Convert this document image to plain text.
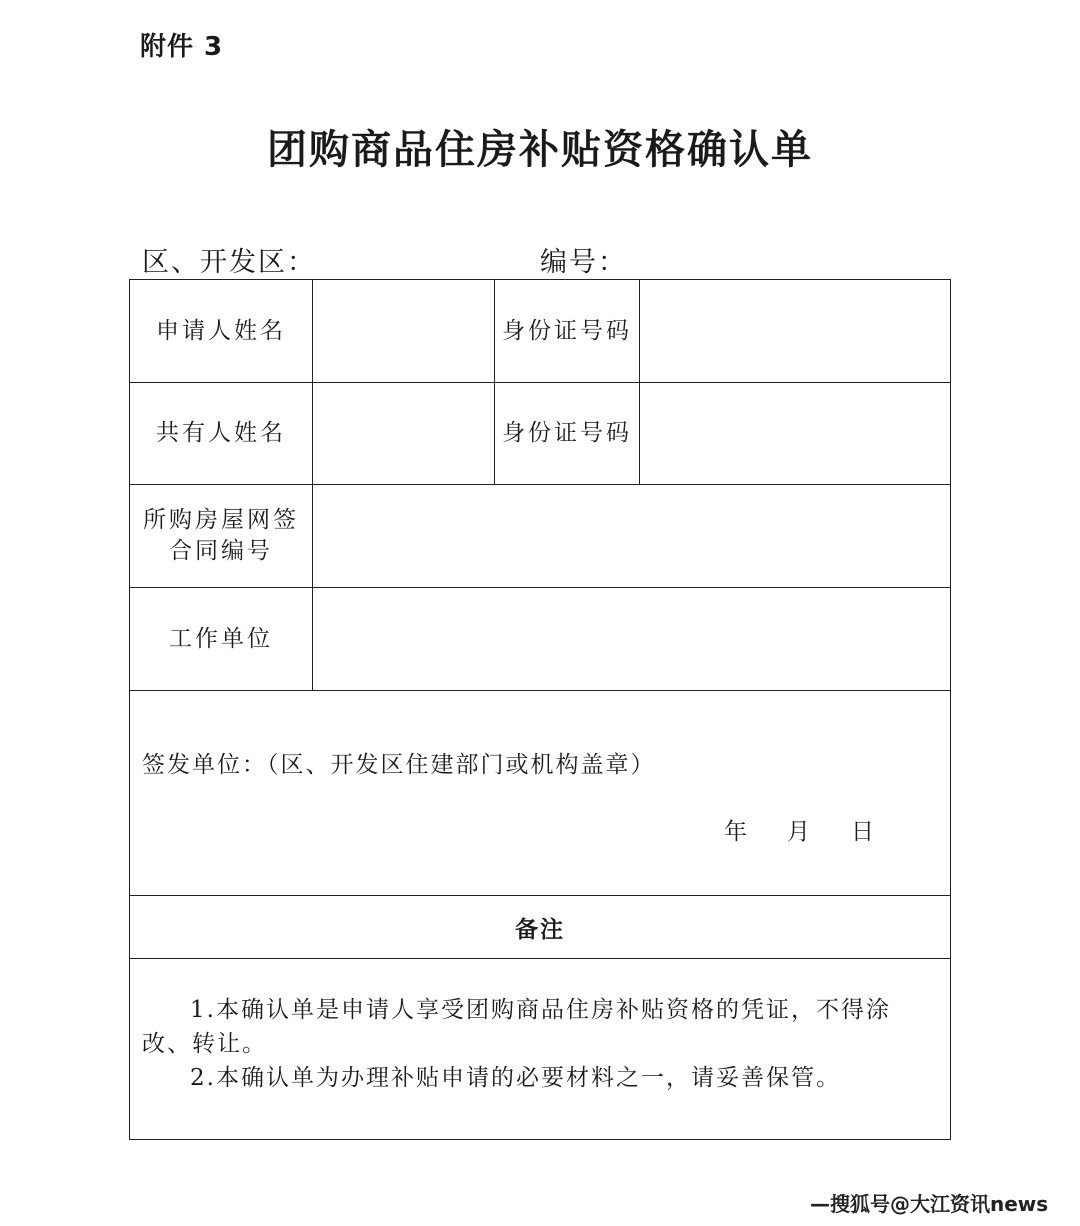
附件 3
团购商品住房补贴资格确认单
区、开发区：	编号：
申请人姓名	身份证号码
共有人姓名	身份证号码
所购房屋网签
合同编号
工作单位
签发单位：（区、开发区住建部门或机构盖章）
年 月 日
备注
1.本确认单是申请人享受团购商品住房补贴资格的凭证，不得涂改、转让。
2.本确认单为办理补贴申请的必要材料之一，请妥善保管。
—搜狐号@大江资讯news
